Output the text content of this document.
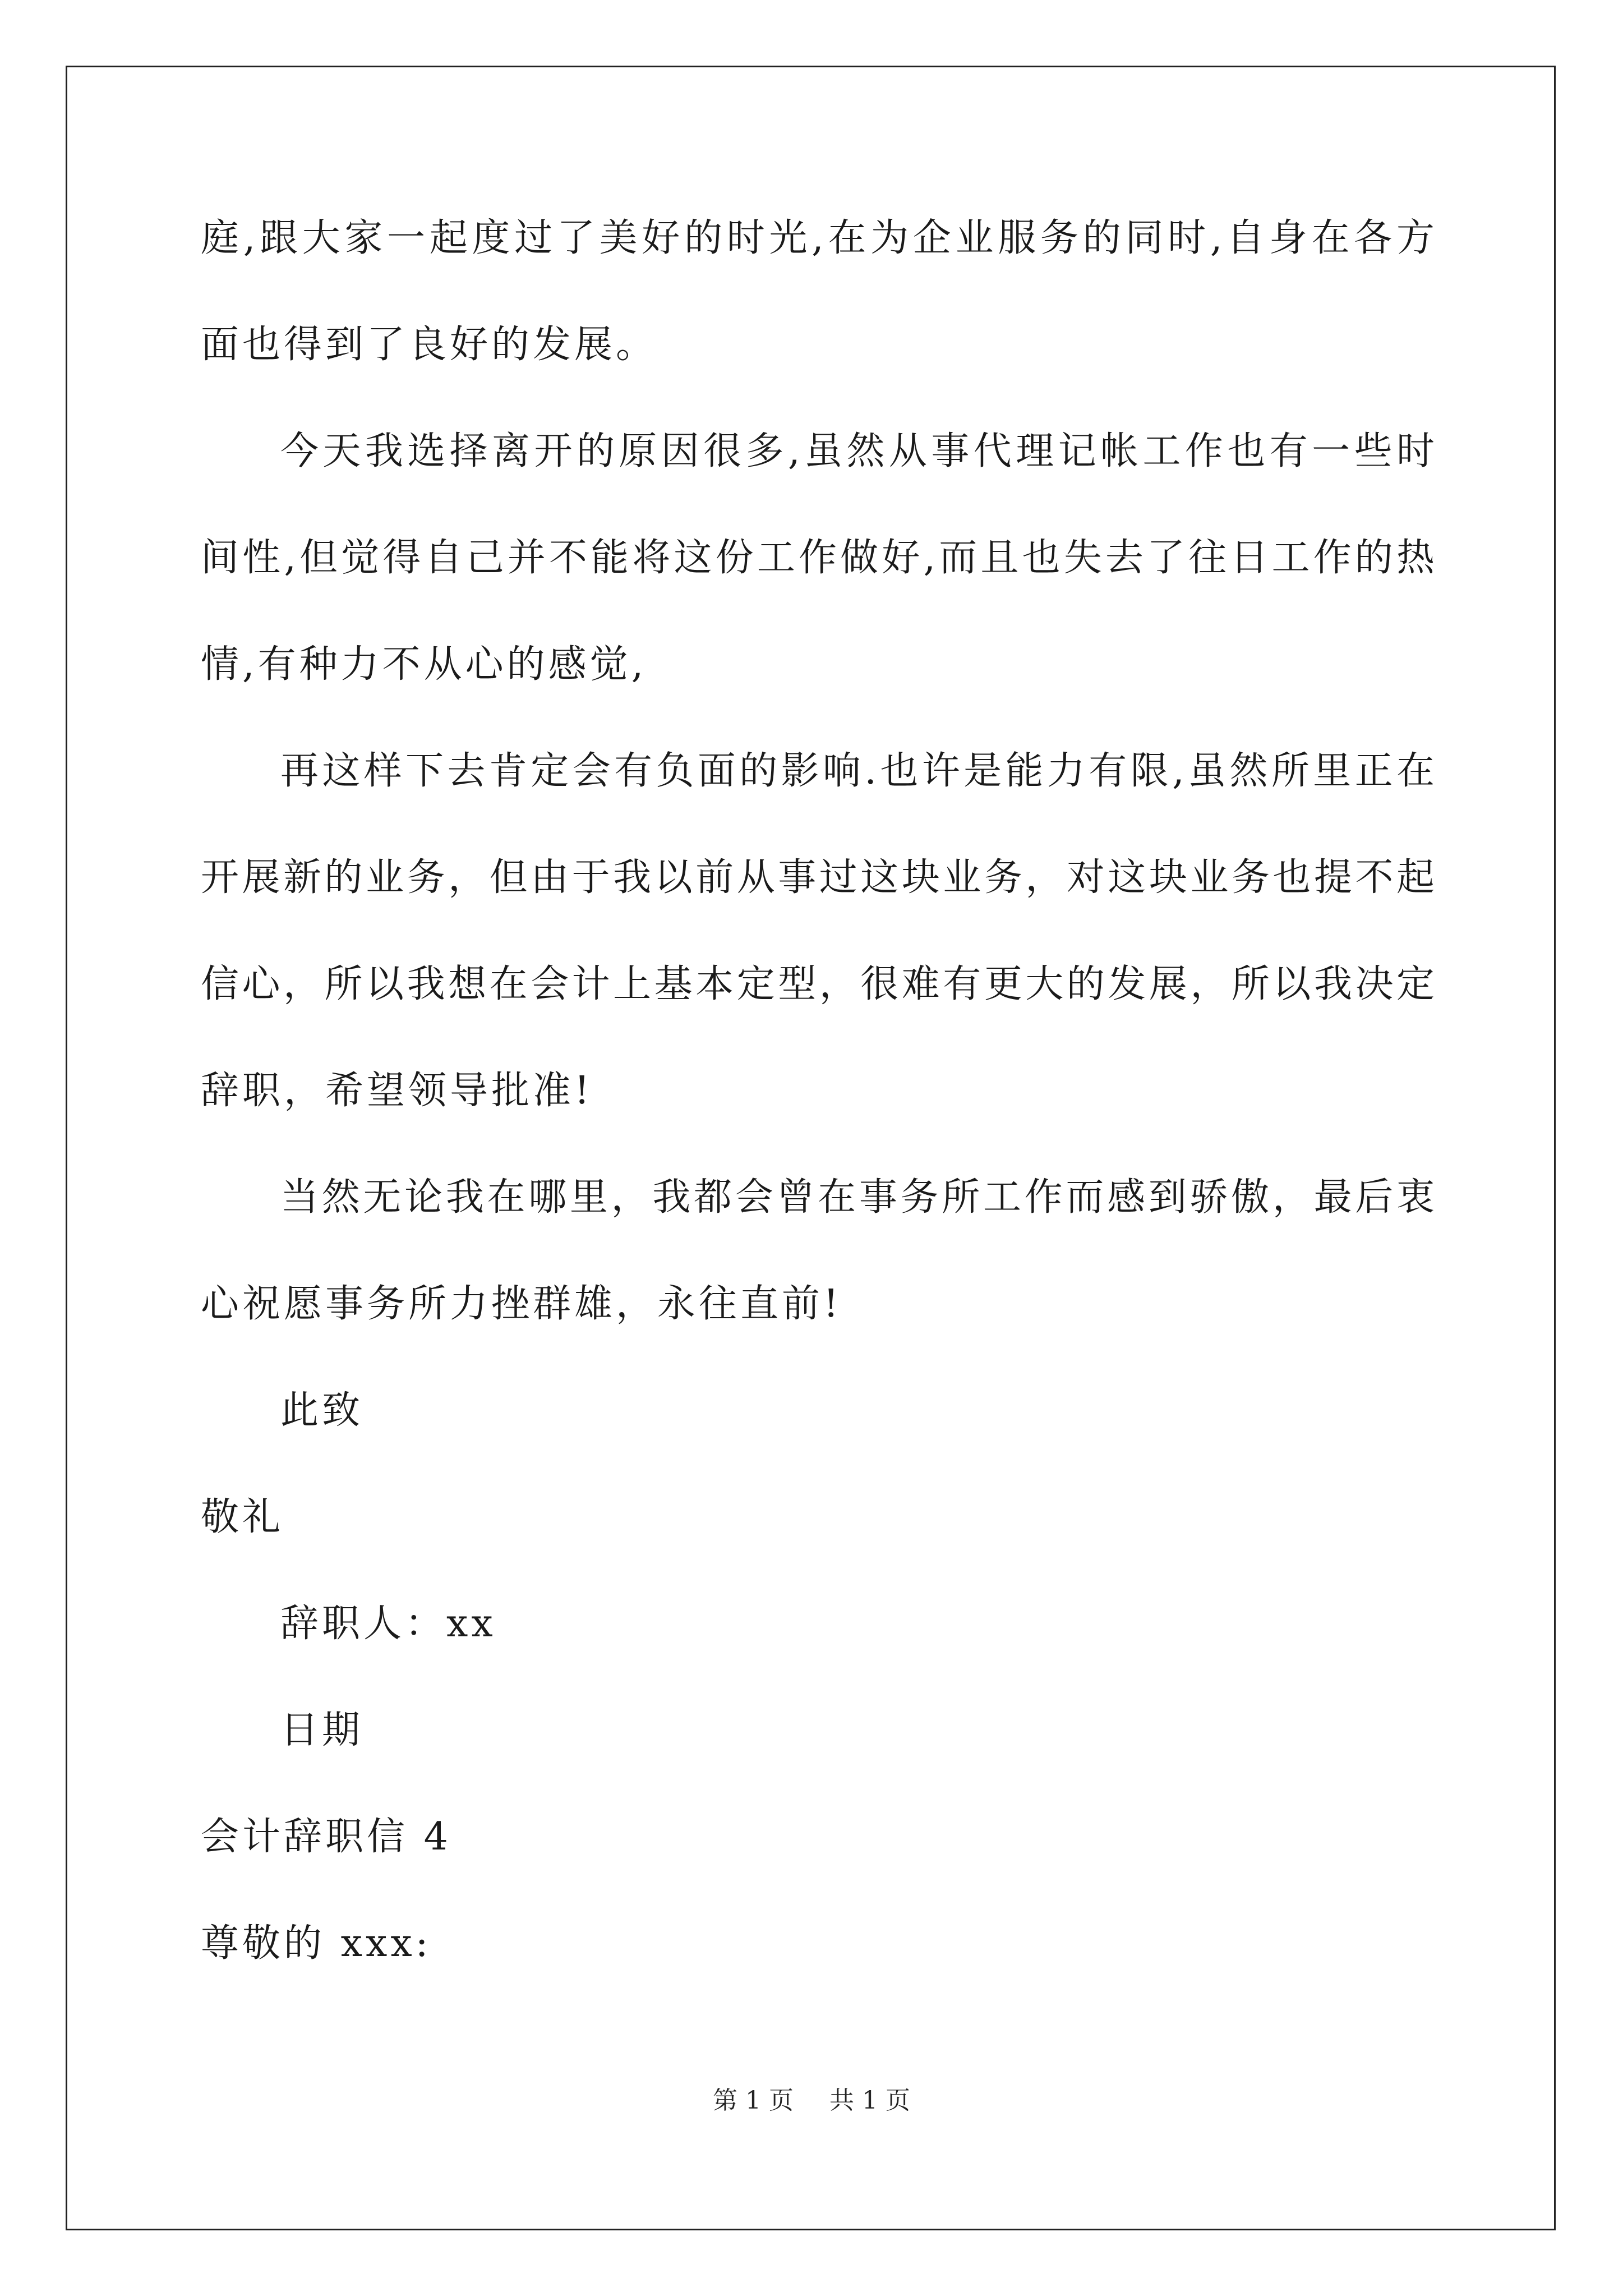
庭,跟大家一起度过了美好的时光,在为企业服务的同时,自身在各方
面也得到了良好的发展。
今天我选择离开的原因很多,虽然从事代理记帐工作也有一些时
间性,但觉得自己并不能将这份工作做好,而且也失去了往日工作的热
情,有种力不从心的感觉,
再这样下去肯定会有负面的影响.也许是能力有限,虽然所里正在
开展新的业务，但由于我以前从事过这块业务，对这块业务也提不起
信心，所以我想在会计上基本定型，很难有更大的发展，所以我决定
辞职，希望领导批准!
当然无论我在哪里，我都会曾在事务所工作而感到骄傲，最后衷
心祝愿事务所力挫群雄，永往直前!
此致
敬礼
辞职人：xx
日期
会计辞职信 4
尊敬的 xxx:
第 1 页 共 1 页
